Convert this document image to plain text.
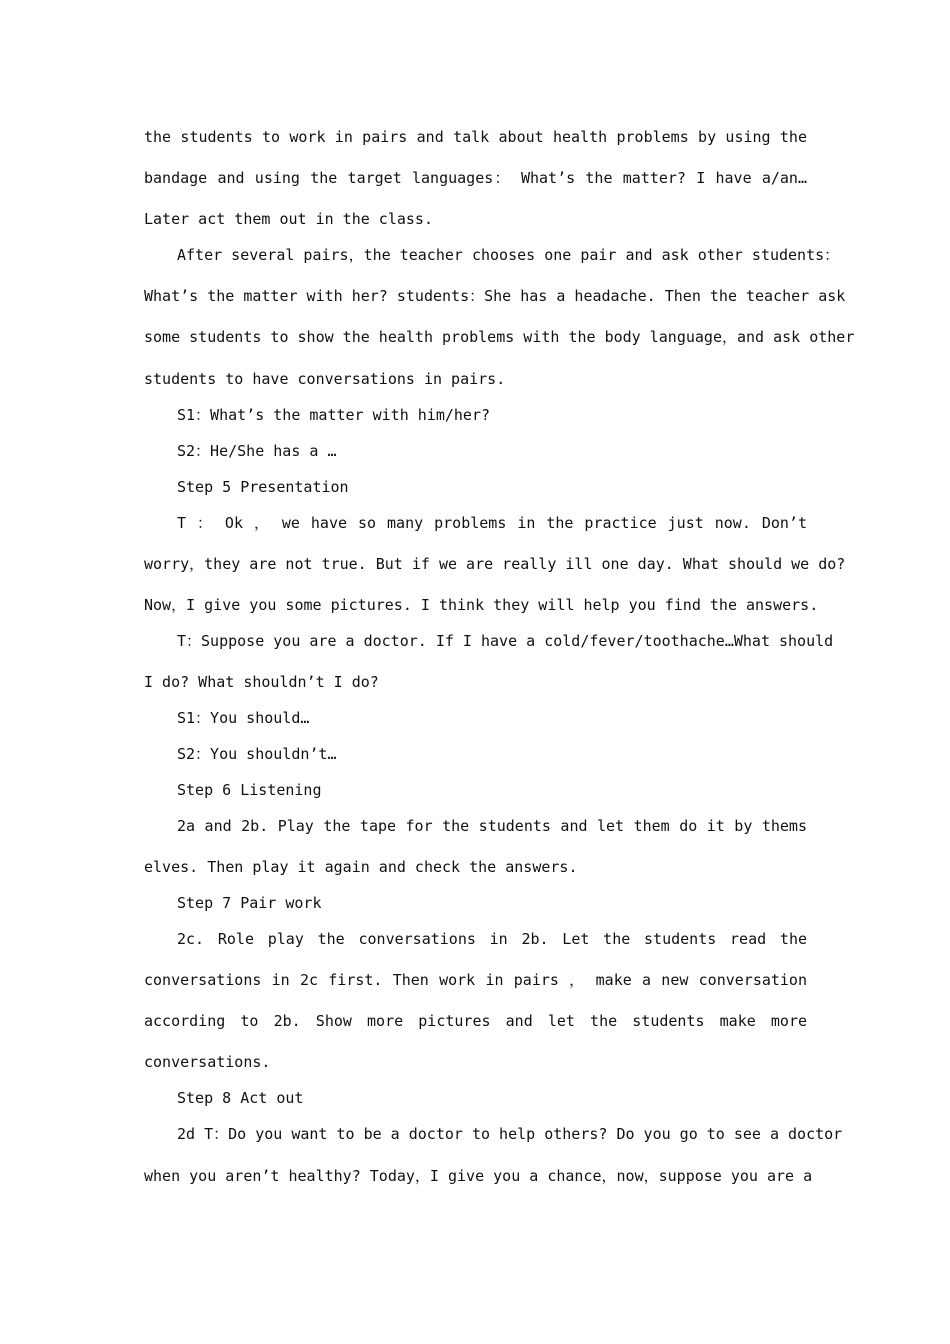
the students to work in pairs and talk about health problems by using the
bandage and using the target languages： What’s the matter? I have a/an…
Later act them out in the class.
After several pairs，the teacher chooses one pair and ask other students：
What’s the matter with her? students：She has a headache. Then the teacher ask
some students to show the health problems with the body language，and ask other
students to have conversations in pairs.
S1：What’s the matter with him/her?
S2：He/She has a …
Step 5 Presentation
T ： Ok ， we have so many problems in the practice just now. Don’t
worry，they are not true. But if we are really ill one day. What should we do?
Now，I give you some pictures. I think they will help you find the answers.
T：Suppose you are a doctor. If I have a cold/fever/toothache…What should
I do? What shouldn’t I do?
S1：You should…
S2：You shouldn’t…
Step 6 Listening
2a and 2b. Play the tape for the students and let them do it by thems
elves. Then play it again and check the answers.
Step 7 Pair work
2c. Role play the conversations in 2b. Let the students read the
conversations in 2c first. Then work in pairs ， make a new conversation
according to 2b. Show more pictures and let the students make more
conversations.
Step 8 Act out
2d T：Do you want to be a doctor to help others? Do you go to see a doctor
when you aren’t healthy? Today，I give you a chance，now，suppose you are a
